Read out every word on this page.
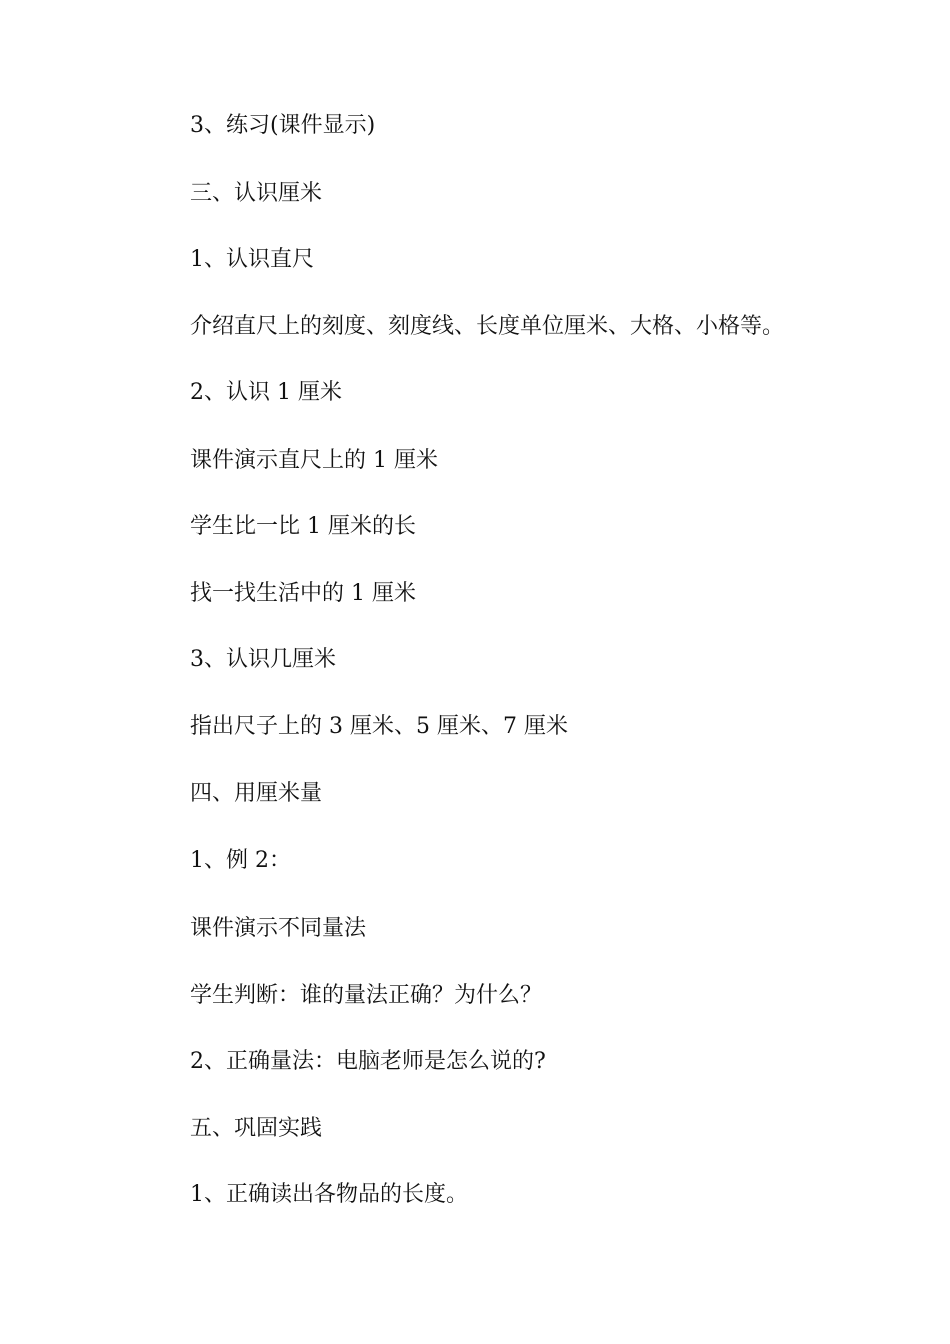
3、练习(课件显示)
三、认识厘米
1、认识直尺
介绍直尺上的刻度、刻度线、长度单位厘米、大格、小格等。
2、认识 1 厘米
课件演示直尺上的 1 厘米
学生比一比 1 厘米的长
找一找生活中的 1 厘米
3、认识几厘米
指出尺子上的 3 厘米、5 厘米、7 厘米
四、用厘米量
1、例 2：
课件演示不同量法
学生判断：谁的量法正确？为什么？
2、正确量法：电脑老师是怎么说的?
五、巩固实践
1、正确读出各物品的长度。
